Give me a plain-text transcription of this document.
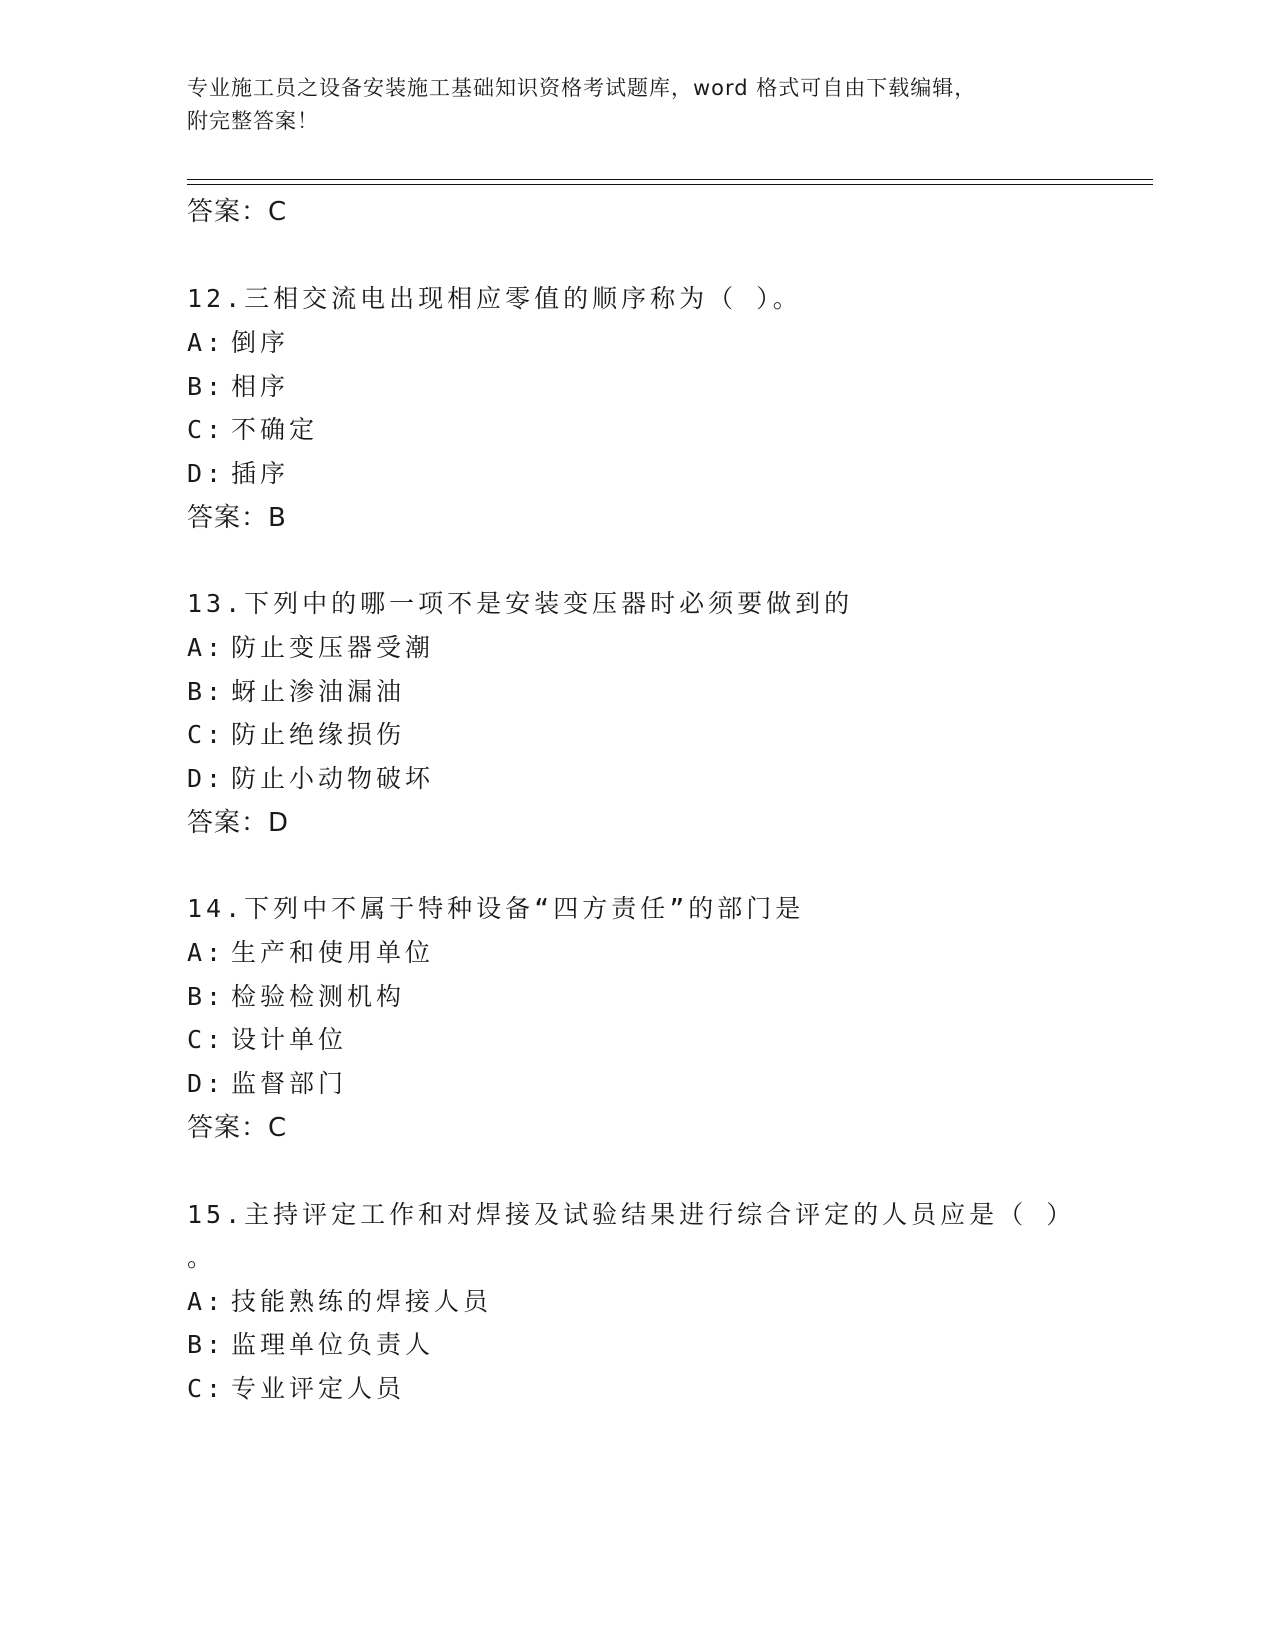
专业施工员之设备安装施工基础知识资格考试题库，word 格式可自由下载编辑，
附完整答案！
答案：C
12.三相交流电出现相应零值的顺序称为（ ）。
A: 倒序
B: 相序
C: 不确定
D: 插序
答案：B
13.下列中的哪一项不是安装变压器时必须要做到的
A: 防止变压器受潮
B: 蚜止渗油漏油
C: 防止绝缘损伤
D: 防止小动物破坏
答案：D
14.下列中不属于特种设备“四方责任”的部门是
A: 生产和使用单位
B: 检验检测机构
C: 设计单位
D: 监督部门
答案：C
15.主持评定工作和对焊接及试验结果进行综合评定的人员应是（ ）
。
A: 技能熟练的焊接人员
B: 监理单位负责人
C: 专业评定人员
